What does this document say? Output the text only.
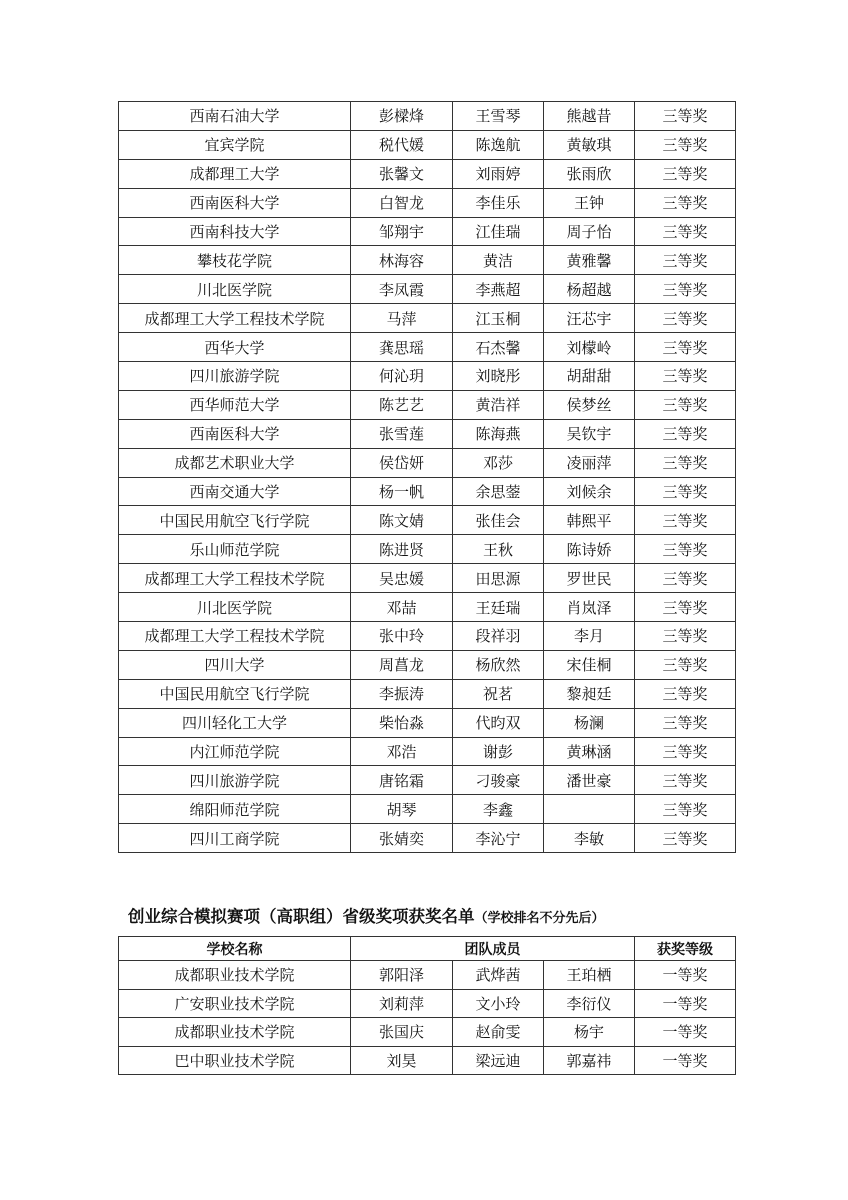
西南石油大学	彭樑烽	王雪琴	熊越昔	三等奖
宜宾学院	税代媛	陈逸航	黄敏琪	三等奖
成都理工大学	张馨文	刘雨婷	张雨欣	三等奖
西南医科大学	白智龙	李佳乐	王钟	三等奖
西南科技大学	邹翔宇	江佳瑞	周子怡	三等奖
攀枝花学院	林海容	黄洁	黄雅馨	三等奖
川北医学院	李凤霞	李燕超	杨超越	三等奖
成都理工大学工程技术学院	马萍	江玉桐	汪芯宇	三等奖
西华大学	龚思瑶	石杰馨	刘檬岭	三等奖
四川旅游学院	何沁玥	刘晓彤	胡甜甜	三等奖
西华师范大学	陈艺艺	黄浩祥	侯梦丝	三等奖
西南医科大学	张雪莲	陈海燕	吴钦宇	三等奖
成都艺术职业大学	侯岱妍	邓莎	凌丽萍	三等奖
西南交通大学	杨一帆	余思蓥	刘候余	三等奖
中国民用航空飞行学院	陈文婧	张佳会	韩熙平	三等奖
乐山师范学院	陈进贤	王秋	陈诗娇	三等奖
成都理工大学工程技术学院	吴忠媛	田思源	罗世民	三等奖
川北医学院	邓喆	王廷瑞	肖岚泽	三等奖
成都理工大学工程技术学院	张中玲	段祥羽	李月	三等奖
四川大学	周菖龙	杨欣然	宋佳桐	三等奖
中国民用航空飞行学院	李振涛	祝茗	黎昶廷	三等奖
四川轻化工大学	柴怡淼	代昀双	杨澜	三等奖
内江师范学院	邓浩	谢彭	黄琳涵	三等奖
四川旅游学院	唐铭霜	刁骏豪	潘世豪	三等奖
绵阳师范学院	胡琴	李鑫		三等奖
四川工商学院	张婧奕	李沁宁	李敏	三等奖
创业综合模拟赛项（高职组）省级奖项获奖名单（学校排名不分先后）
学校名称	团队成员			获奖等级
成都职业技术学院	郭阳泽	武烨茜	王珀栖	一等奖
广安职业技术学院	刘莉萍	文小玲	李衍仪	一等奖
成都职业技术学院	张国庆	赵俞雯	杨宇	一等奖
巴中职业技术学院	刘昊	梁远迪	郭嘉祎	一等奖
